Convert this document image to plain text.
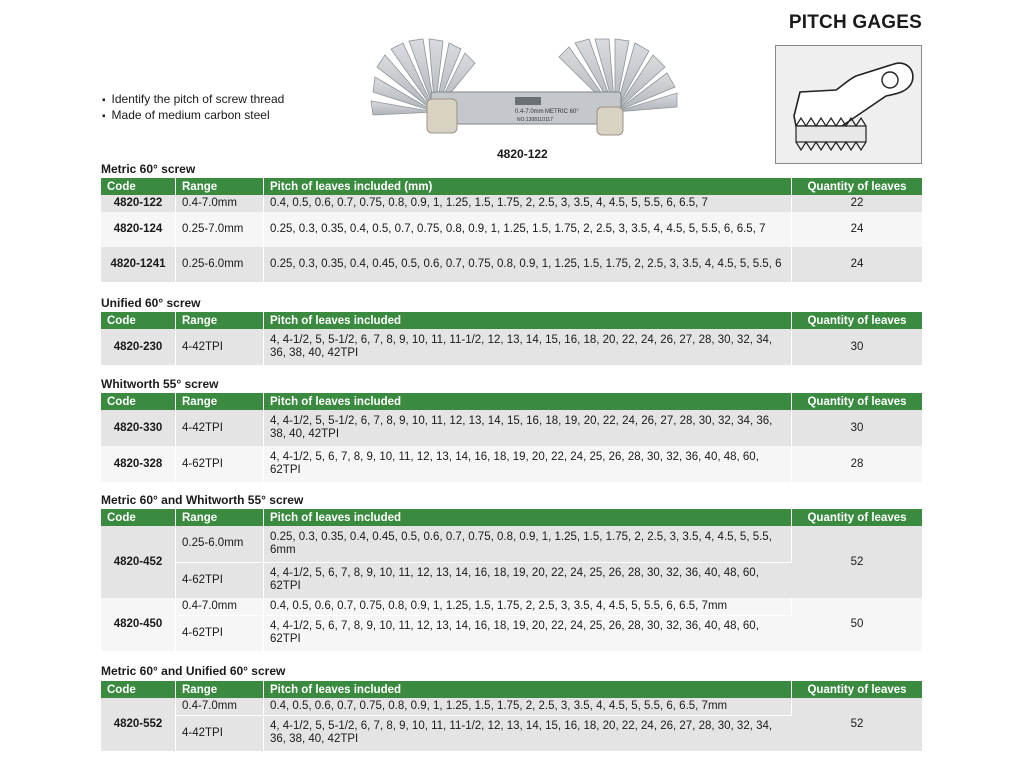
PITCH GAGES
▪ Identify the pitch of screw thread
▪ Made of medium carbon steel	0.4-7.0mm METRIC 60°
NO.1308110117
4820-122
Metric 60° screw
Code	Range	Pitch of leaves included (mm)	Quantity of leaves
4820-122	0.4-7.0mm	0.4, 0.5, 0.6, 0.7, 0.75, 0.8, 0.9, 1, 1.25, 1.5, 1.75, 2, 2.5, 3, 3.5, 4, 4.5, 5, 5.5, 6, 6.5, 7	22
4820-124	0.25-7.0mm	0.25, 0.3, 0.35, 0.4, 0.5, 0.7, 0.75, 0.8, 0.9, 1, 1.25, 1.5, 1.75, 2, 2.5, 3, 3.5, 4, 4.5, 5, 5.5, 6, 6.5, 7	24
4820-1241	0.25-6.0mm	0.25, 0.3, 0.35, 0.4, 0.45, 0.5, 0.6, 0.7, 0.75, 0.8, 0.9, 1, 1.25, 1.5, 1.75, 2, 2.5, 3, 3.5, 4, 4.5, 5, 5.5, 6	24
Unified 60° screw
Code	Range	Pitch of leaves included	Quantity of leaves
4820-230	4-42TPI	4, 4-1/2, 5, 5-1/2, 6, 7, 8, 9, 10, 11, 11-1/2, 12, 13, 14, 15, 16, 18, 20, 22, 24, 26, 27, 28, 30, 32, 34, 36, 38, 40, 42TPI	30
Whitworth 55° screw
Code	Range	Pitch of leaves included	Quantity of leaves
4820-330	4-42TPI	4, 4-1/2, 5, 5-1/2, 6, 7, 8, 9, 10, 11, 12, 13, 14, 15, 16, 18, 19, 20, 22, 24, 26, 27, 28, 30, 32, 34, 36, 38, 40, 42TPI	30
4820-328	4-62TPI	4, 4-1/2, 5, 6, 7, 8, 9, 10, 11, 12, 13, 14, 16, 18, 19, 20, 22, 24, 25, 26, 28, 30, 32, 36, 40, 48, 60, 62TPI	28
Metric 60° and Whitworth 55° screw
Code	Range	Pitch of leaves included	Quantity of leaves
4820-452	0.25-6.0mm	0.25, 0.3, 0.35, 0.4, 0.45, 0.5, 0.6, 0.7, 0.75, 0.8, 0.9, 1, 1.25, 1.5, 1.75, 2, 2.5, 3, 3.5, 4, 4.5, 5, 5.5, 6mm	52
	4-62TPI	4, 4-1/2, 5, 6, 7, 8, 9, 10, 11, 12, 13, 14, 16, 18, 19, 20, 22, 24, 25, 26, 28, 30, 32, 36, 40, 48, 60, 62TPI	
4820-450	0.4-7.0mm	0.4, 0.5, 0.6, 0.7, 0.75, 0.8, 0.9, 1, 1.25, 1.5, 1.75, 2, 2.5, 3, 3.5, 4, 4.5, 5, 5.5, 6, 6.5, 7mm	50
	4-62TPI	4, 4-1/2, 5, 6, 7, 8, 9, 10, 11, 12, 13, 14, 16, 18, 19, 20, 22, 24, 25, 26, 28, 30, 32, 36, 40, 48, 60, 62TPI	
Metric 60° and Unified 60° screw
Code	Range	Pitch of leaves included	Quantity of leaves
4820-552	0.4-7.0mm	0.4, 0.5, 0.6, 0.7, 0.75, 0.8, 0.9, 1, 1.25, 1.5, 1.75, 2, 2.5, 3, 3.5, 4, 4.5, 5, 5.5, 6, 6.5, 7mm	52
	4-42TPI	4, 4-1/2, 5, 5-1/2, 6, 7, 8, 9, 10, 11, 11-1/2, 12, 13, 14, 15, 16, 18, 20, 22, 24, 26, 27, 28, 30, 32, 34, 36, 38, 40, 42TPI	
